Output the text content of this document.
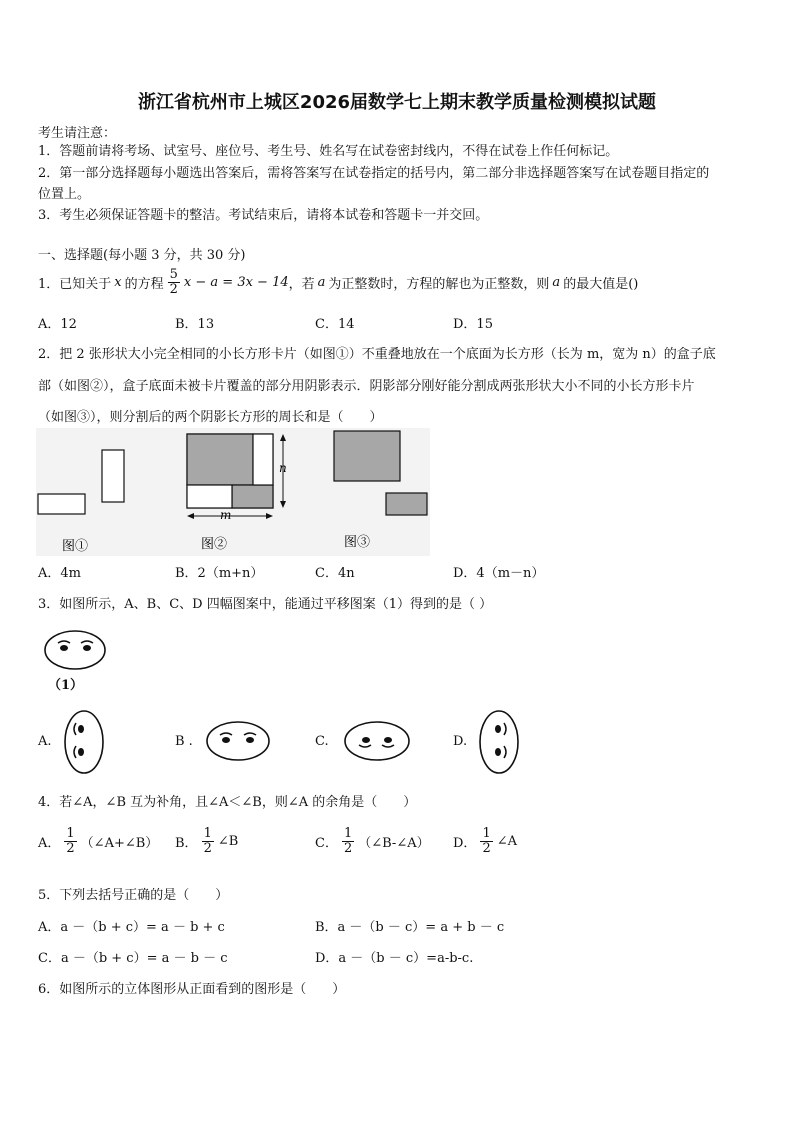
浙江省杭州市上城区2026届数学七上期末教学质量检测模拟试题
考生请注意：
1．答题前请将考场、试室号、座位号、考生号、姓名写在试卷密封线内，不得在试卷上作任何标记。
2．第一部分选择题每小题选出答案后，需将答案写在试卷指定的括号内，第二部分非选择题答案写在试卷题目指定的
位置上。
3．考生必须保证答题卡的整洁。考试结束后，请将本试卷和答题卡一并交回。
一、选择题(每小题 3 分，共 30 分)
1．已知关于 x 的方程 $\frac{5}{2}$ x − a = 3x − 14 ，若 a 为正整数时，方程的解也为正整数，则 a 的最大值是()
A．12	B．13	C．14	D．15
2．把 2 张形状大小完全相同的小长方形卡片（如图①）不重叠地放在一个底面为长方形（长为 m，宽为 n）的盒子底
部（如图②），盒子底面未被卡片覆盖的部分用阴影表示．阴影部分刚好能分割成两张形状大小不同的小长方形卡片
（如图③），则分割后的两个阴影长方形的周长和是（　　）
n
m
图①	图②	图③
A．4m	B．2（m+n）	C．4n	D．4（m－n）
3．如图所示，A、B、C、D 四幅图案中，能通过平移图案（1）得到的是（ ）
（1）
A.	B .	C.	D.
4．若∠A，∠B 互为补角，且∠A＜∠B，则∠A 的余角是（　　）
A． $\frac{1}{2}$ （∠A+∠B） B． $\frac{1}{2}$ ∠B	C． $\frac{1}{2}$ （∠B-∠A） D． $\frac{1}{2}$ ∠A
5．下列去括号正确的是（　　）
A．a －（b + c）= a － b + c	B．a －（b － c）= a + b － c
C．a －（b + c）= a － b － c	D．a －（b － c）=a-b-c.
6．如图所示的立体图形从正面看到的图形是（　　）
